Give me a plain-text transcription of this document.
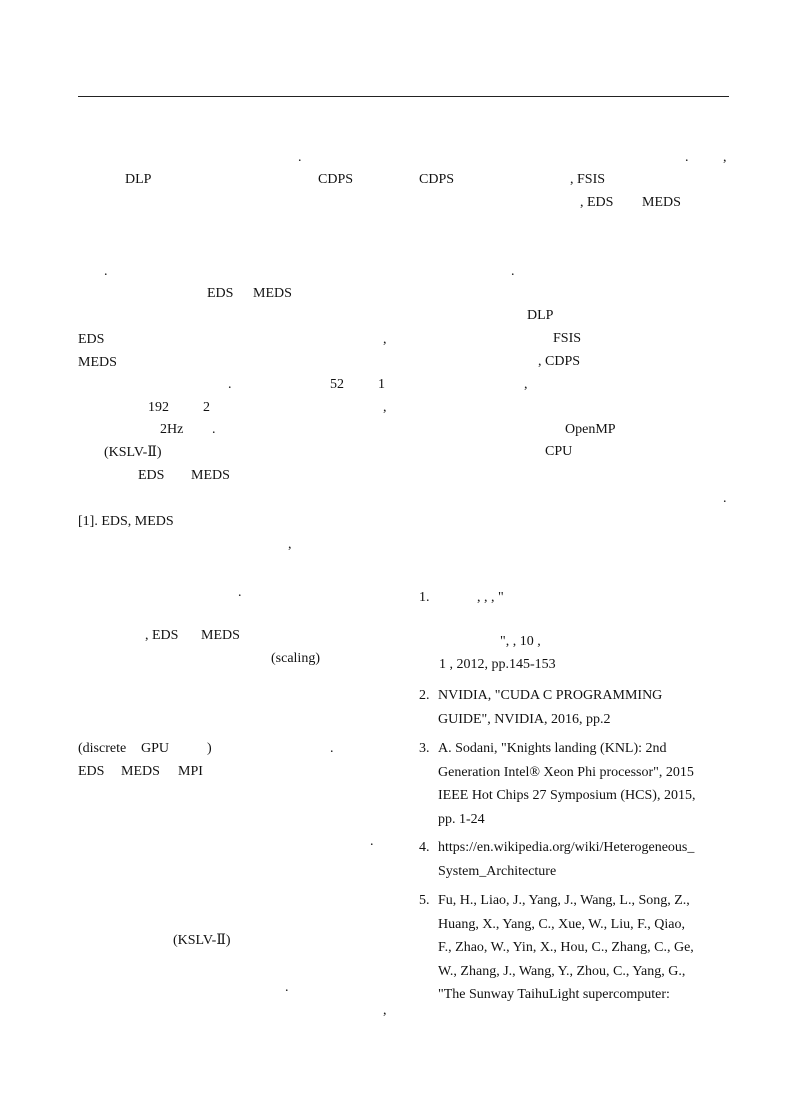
.
DLP	CDPS
.
EDS MEDS
EDS	,
MEDS
.	52 1
192 2	,
2Hz .
(KSLV-Ⅱ)
EDS MEDS
[1]. EDS, MEDS
,
.
, EDS MEDS
(scaling)
(discrete GPU	)	.
EDS MEDS MPI
.
(KSLV-Ⅱ)
.
,
. ,
CDPS	, FSIS
, EDS MEDS
.
DLP
FSIS
, CDPS
,
OpenMP
CPU
.
1.	, , , "
", , 10 ,
1 , 2012, pp.145-153
2. NVIDIA, "CUDA C PROGRAMMING
GUIDE", NVIDIA, 2016, pp.2
3. A. Sodani, "Knights landing (KNL): 2nd
Generation Intel® Xeon Phi processor", 2015
IEEE Hot Chips 27 Symposium (HCS), 2015,
pp. 1-24
4. https://en.wikipedia.org/wiki/Heterogeneous_
System_Architecture
5. Fu, H., Liao, J., Yang, J., Wang, L., Song, Z.,
Huang, X., Yang, C., Xue, W., Liu, F., Qiao,
F., Zhao, W., Yin, X., Hou, C., Zhang, C., Ge,
W., Zhang, J., Wang, Y., Zhou, C., Yang, G.,
"The Sunway TaihuLight supercomputer:
